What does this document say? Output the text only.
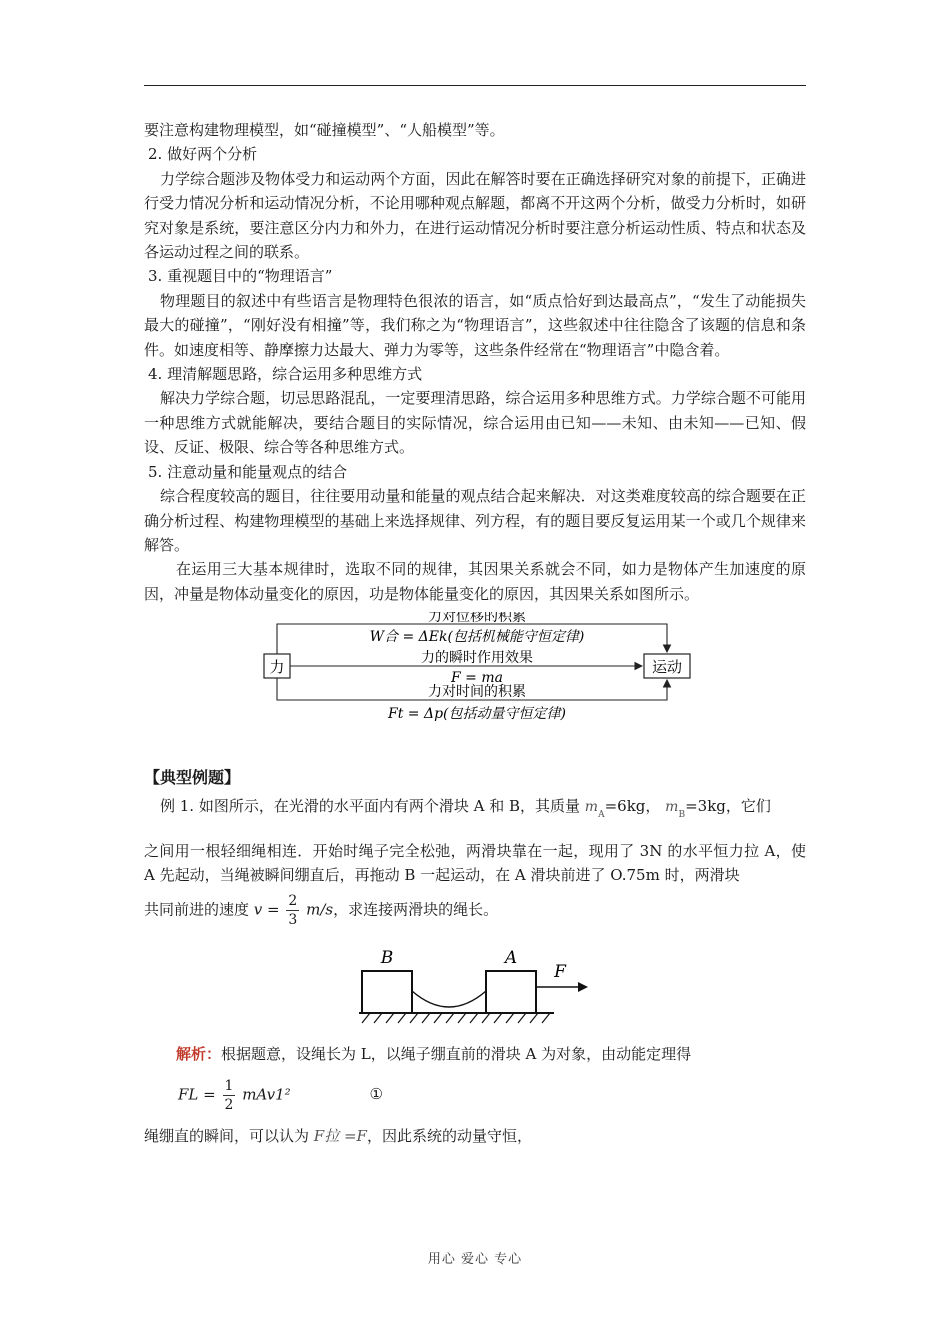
要注意构建物理模型，如“碰撞模型”、“人船模型”等。

2. 做好两个分析

力学综合题涉及物体受力和运动两个方面，因此在解答时要在正确选择研究对象的前提下，正确进行受力情况分析和运动情况分析，不论用哪种观点解题，都离不开这两个分析，做受力分析时，如研究对象是系统，要注意区分内力和外力，在进行运动情况分析时要注意分析运动性质、特点和状态及各运动过程之间的联系。

3. 重视题目中的“物理语言”

物理题目的叙述中有些语言是物理特色很浓的语言，如“质点恰好到达最高点”，“发生了动能损失最大的碰撞”，“刚好没有相撞”等，我们称之为“物理语言”，这些叙述中往往隐含了该题的信息和条件。如速度相等、静摩擦力达最大、弹力为零等，这些条件经常在“物理语言”中隐含着。

4. 理清解题思路，综合运用多种思维方式

解决力学综合题，切忌思路混乱，一定要理清思路，综合运用多种思维方式。力学综合题不可能用一种思维方式就能解决，要结合题目的实际情况，综合运用由已知——未知、由未知——已知、假设、反证、极限、综合等各种思维方式。

5. 注意动量和能量观点的结合

综合程度较高的题目，往往要用动量和能量的观点结合起来解决．对这类难度较高的综合题要在正确分析过程、构建物理模型的基础上来选择规律、列方程，有的题目要反复运用某一个或几个规律来解答。

在运用三大基本规律时，选取不同的规律，其因果关系就会不同，如力是物体产生加速度的原因，冲量是物体动量变化的原因，功是物体能量变化的原因，其因果关系如图所示。

力	运动
力对位移的积累
W合 = ΔEk(包括机械能守恒定律)
力的瞬时作用效果
F = ma
力对时间的积累
Ft = Δp(包括动量守恒定律)

【典型例题】

例 1. 如图所示，在光滑的水平面内有两个滑块 A 和 B，其质量 $m_A=6kg$， $m_B=3kg$，它们

之间用一根轻细绳相连．开始时绳子完全松弛，两滑块靠在一起，现用了 3N 的水平恒力拉 A，使 A 先起动，当绳被瞬间绷直后，再拖动 B 一起运动，在 A 滑块前进了 O.75m 时，两滑块

共同前进的速度 $v = \frac{2}{3} m/s$，求连接两滑块的绳长。

B	A
F

解析：根据题意，设绳长为 L，以绳子绷直前的滑块 A 为对象，由动能定理得

FL = $\frac{1}{2} mAv1^2$	①

绳绷直的瞬间，可以认为 F拉 =F，因此系统的动量守恒，

用心 爱心 专心
